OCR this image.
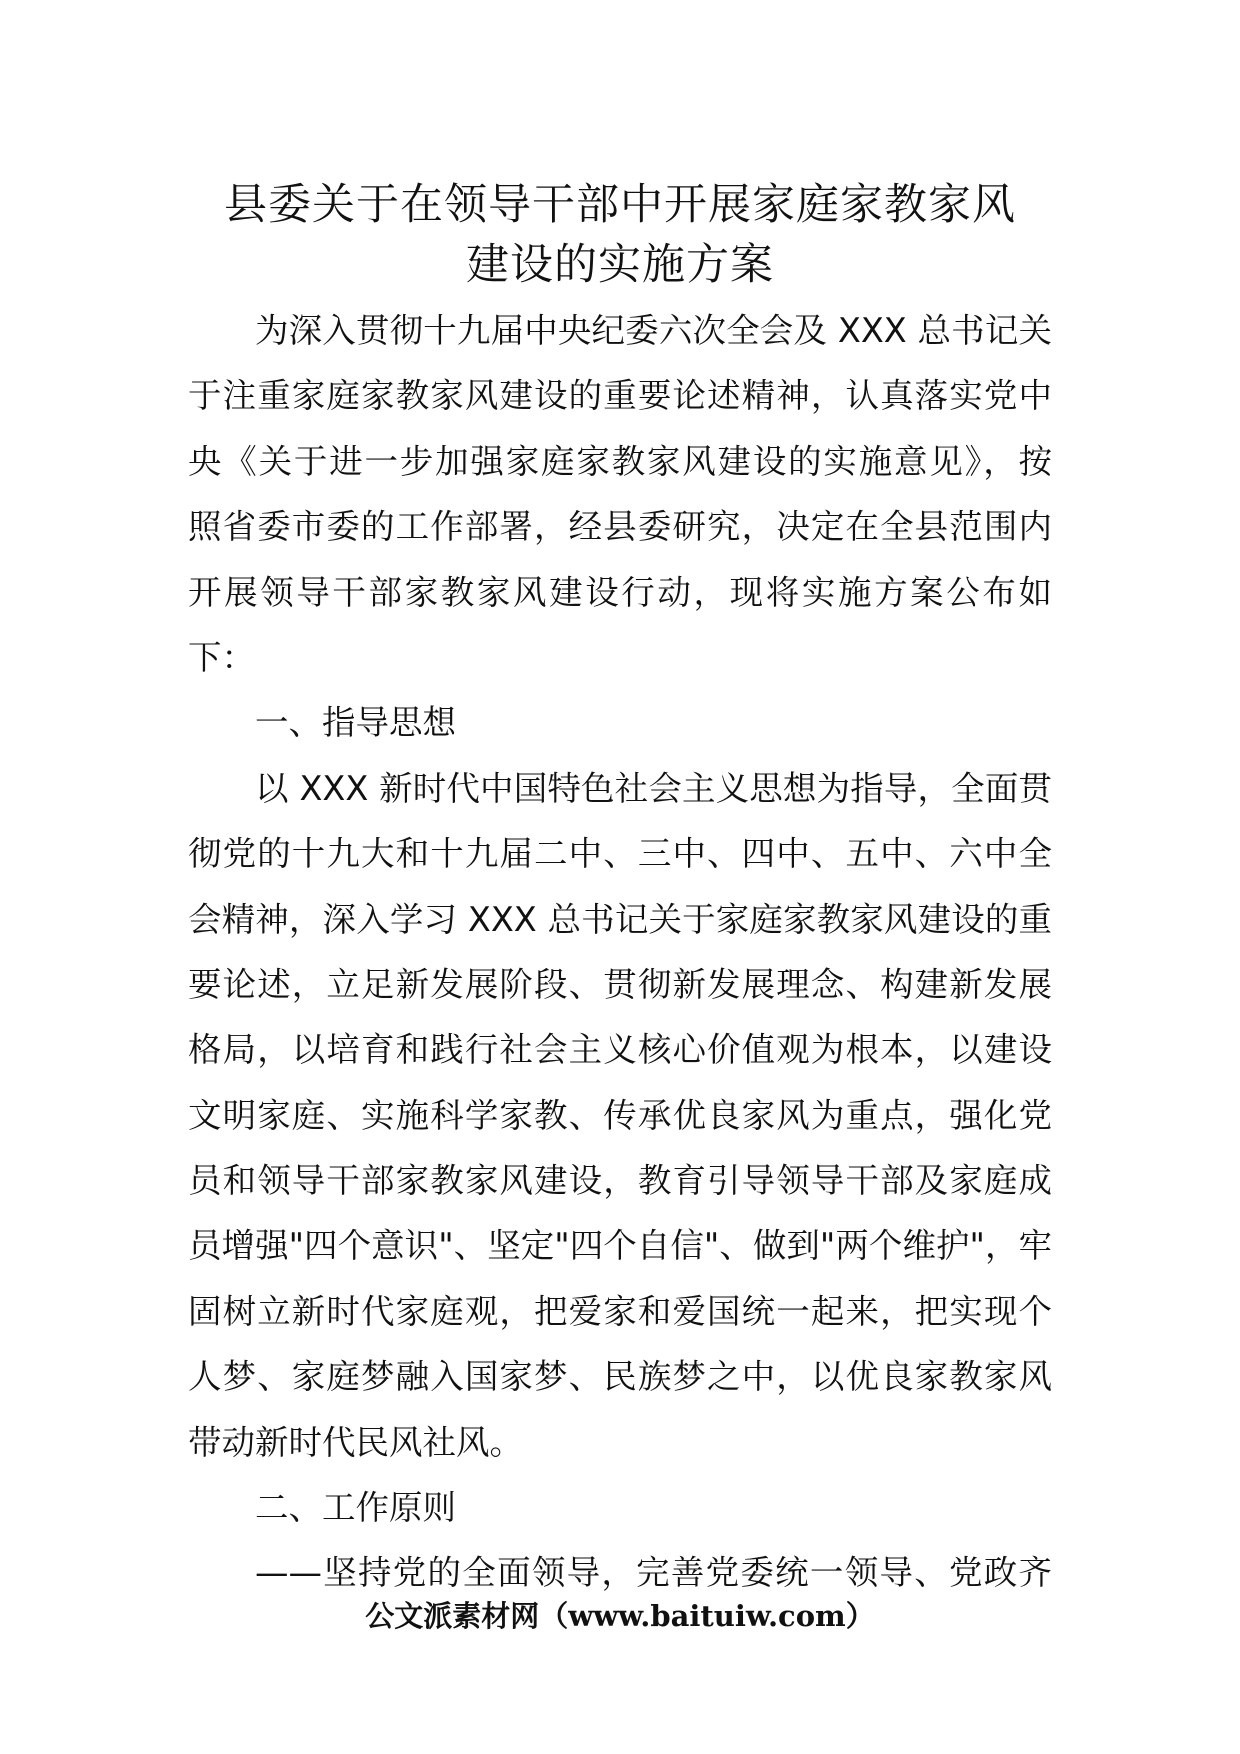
县委关于在领导干部中开展家庭家教家风
建设的实施方案
为深入贯彻十九届中央纪委六次全会及 XXX 总书记关
于注重家庭家教家风建设的重要论述精神，认真落实党中
央《关于进一步加强家庭家教家风建设的实施意见》，按
照省委市委的工作部署，经县委研究，决定在全县范围内
开展领导干部家教家风建设行动，现将实施方案公布如
下：
一、指导思想
以 XXX 新时代中国特色社会主义思想为指导，全面贯
彻党的十九大和十九届二中、三中、四中、五中、六中全
会精神，深入学习 XXX 总书记关于家庭家教家风建设的重
要论述，立足新发展阶段、贯彻新发展理念、构建新发展
格局，以培育和践行社会主义核心价值观为根本，以建设
文明家庭、实施科学家教、传承优良家风为重点，强化党
员和领导干部家教家风建设，教育引导领导干部及家庭成
员增强"四个意识"、坚定"四个自信"、做到"两个维护"，牢
固树立新时代家庭观，把爱家和爱国统一起来，把实现个
人梦、家庭梦融入国家梦、民族梦之中，以优良家教家风
带动新时代民风社风。
二、工作原则
——坚持党的全面领导，完善党委统一领导、党政齐
公文派素材网（www.baituiw.com）
